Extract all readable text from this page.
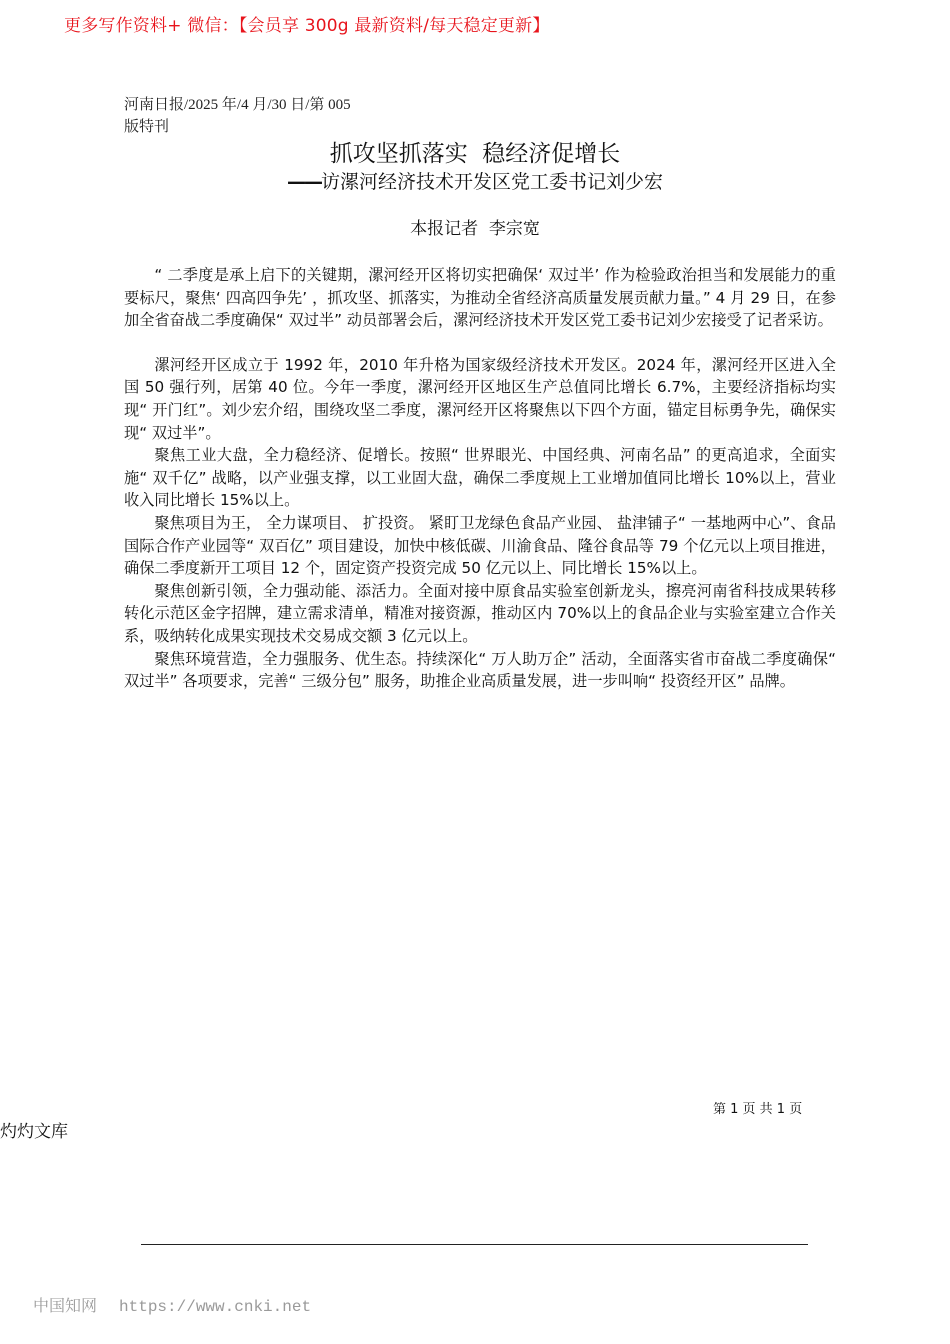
更多写作资料+ 微信：【会员享 300g 最新资料/每天稳定更新】
河南日报/2025 年/4 月/30 日/第 005
版特刊
抓攻坚抓落实  稳经济促增长
——访漯河经济技术开发区党工委书记刘少宏
本报记者  李宗宽

“ 二季度是承上启下的关键期，漯河经开区将切实把确保‘ 双过半’ 作为检验政治担当和发展能力的重要标尺，聚焦‘ 四高四争先’ ，抓攻坚、抓落实，为推动全省经济高质量发展贡献力量。” 4 月 29 日，在参加全省奋战二季度确保“ 双过半” 动员部署会后，漯河经济技术开发区党工委书记刘少宏接受了记者采访。

漯河经开区成立于 1992 年，2010 年升格为国家级经济技术开发区。2024 年，漯河经开区进入全国 50 强行列，居第 40 位。今年一季度，漯河经开区地区生产总值同比增长 6.7%，主要经济指标均实现“ 开门红”。刘少宏介绍，围绕攻坚二季度，漯河经开区将聚焦以下四个方面，锚定目标勇争先，确保实现“ 双过半”。

聚焦工业大盘，全力稳经济、促增长。按照“ 世界眼光、中国经典、河南名品” 的更高追求，全面实施“ 双千亿” 战略，以产业强支撑，以工业固大盘，确保二季度规上工业增加值同比增长 10%以上，营业收入同比增长 15%以上。

聚焦项目为王， 全力谋项目、 扩投资。 紧盯卫龙绿色食品产业园、 盐津铺子“ 一基地两中心”、食品国际合作产业园等“ 双百亿” 项目建设，加快中核低碳、川渝食品、隆谷食品等 79 个亿元以上项目推进，确保二季度新开工项目 12 个，固定资产投资完成 50 亿元以上、同比增长 15%以上。

聚焦创新引领，全力强动能、添活力。全面对接中原食品实验室创新龙头，擦亮河南省科技成果转移转化示范区金字招牌，建立需求清单，精准对接资源，推动区内 70%以上的食品企业与实验室建立合作关系，吸纳转化成果实现技术交易成交额 3 亿元以上。

聚焦环境营造，全力强服务、优生态。持续深化“ 万人助万企” 活动，全面落实省市奋战二季度确保“ 双过半” 各项要求，完善“ 三级分包” 服务，助推企业高质量发展，进一步叫响“ 投资经开区” 品牌。

第 1 页 共 1 页
灼灼文库
中国知网 https://www.cnki.net
